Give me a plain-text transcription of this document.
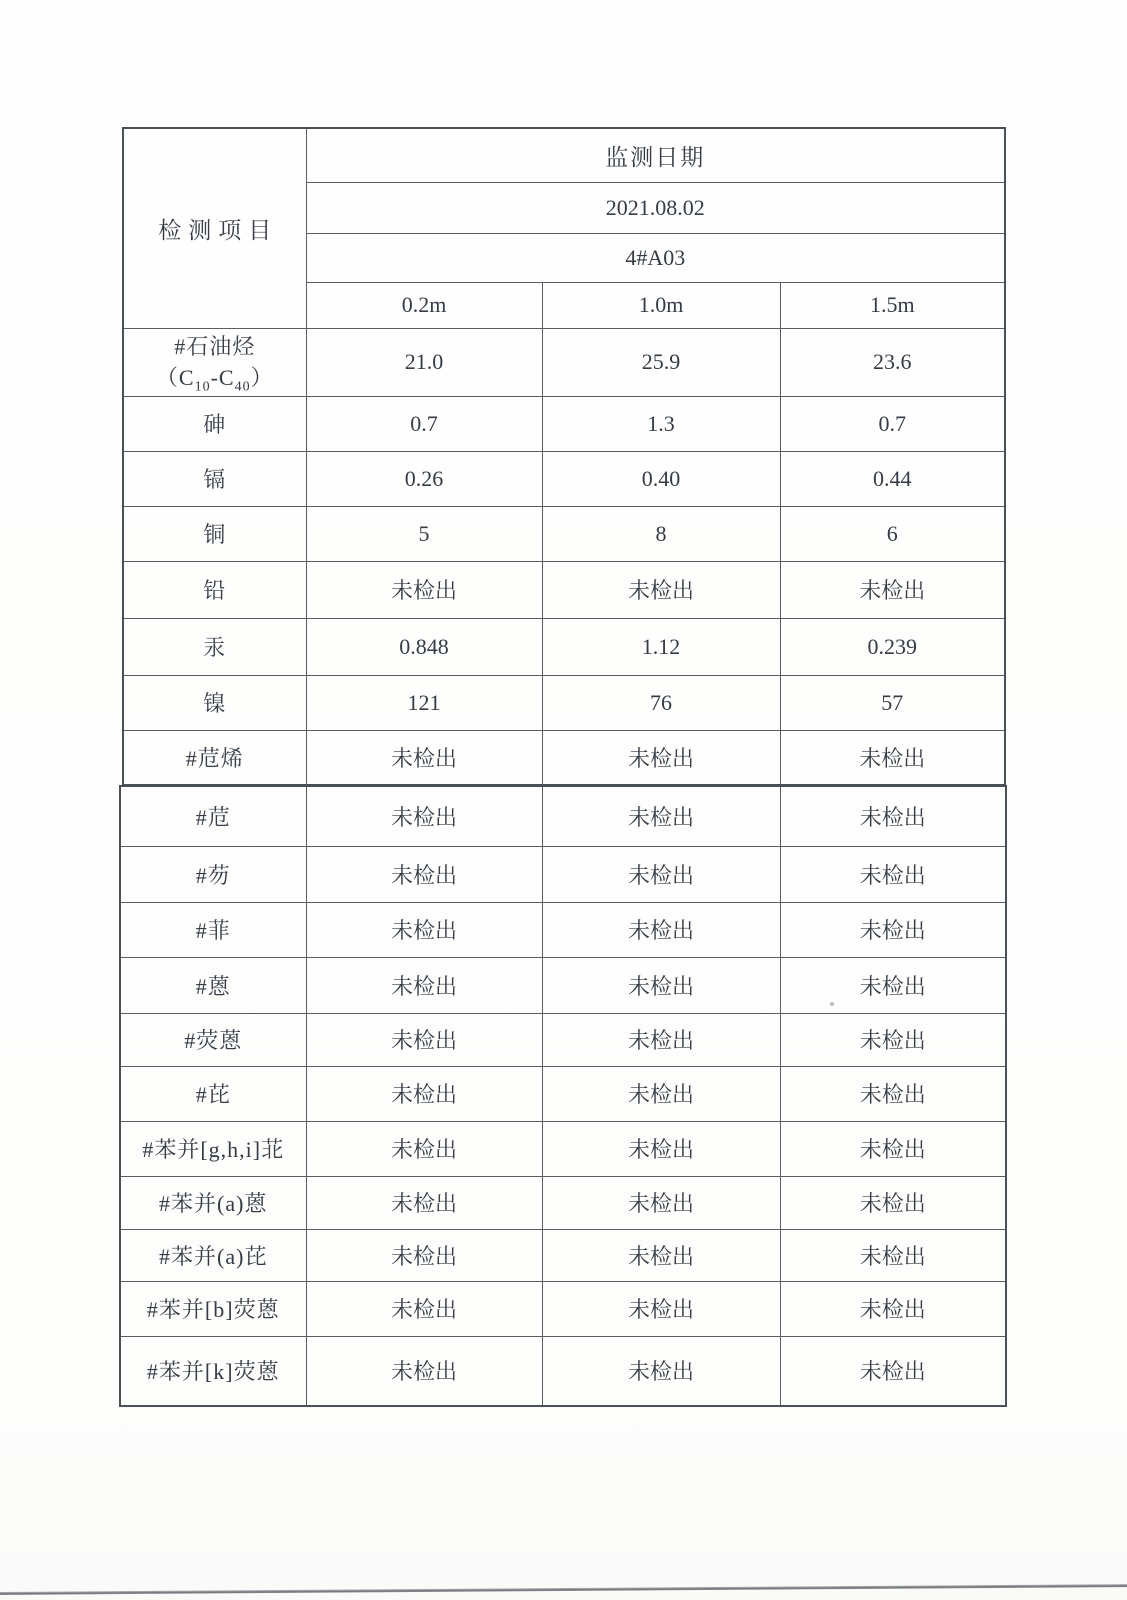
检测项目	监测日期		
	2021.08.02		
	4#A03		
	0.2m	1.0m	1.5m

#石油烃
$(C_{10}-C_{40})$	21.0	25.9	23.6
砷	0.7	1.3	0.7
镉	0.26	0.40	0.44
铜	5	8	6
铅	未检出	未检出	未检出
汞	0.848	1.12	0.239
镍	121	76	57
#苊烯	未检出	未检出	未检出
#苊	未检出	未检出	未检出
#芴	未检出	未检出	未检出
#菲	未检出	未检出	未检出
#蒽	未检出	未检出	未检出
#荧蒽	未检出	未检出	未检出
#芘	未检出	未检出	未检出
#苯并[g,h,i]苝	未检出	未检出	未检出
#苯并(a)蒽	未检出	未检出	未检出
#苯并(a)芘	未检出	未检出	未检出
#苯并[b]荧蒽	未检出	未检出	未检出
#苯并[k]荧蒽	未检出	未检出	未检出
